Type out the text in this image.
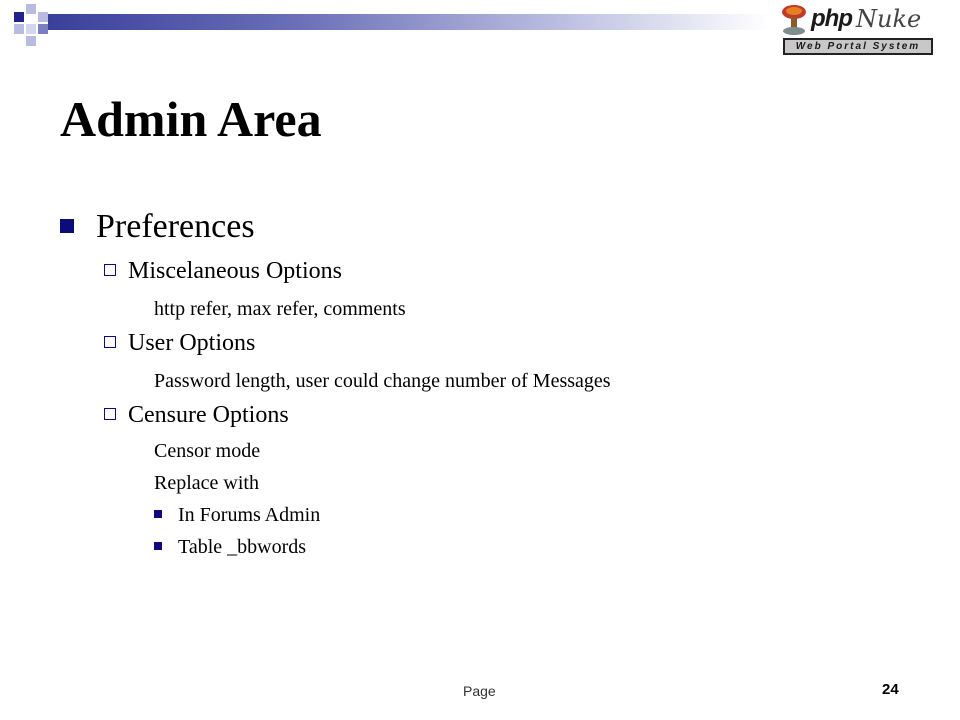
php Nuke
Web Portal System
Admin Area
Preferences
Miscelaneous Options
http refer, max refer, comments
User Options
Password length, user could change number of Messages
Censure Options
Censor mode
Replace with
In Forums Admin
Table _bbwords
Page	24
